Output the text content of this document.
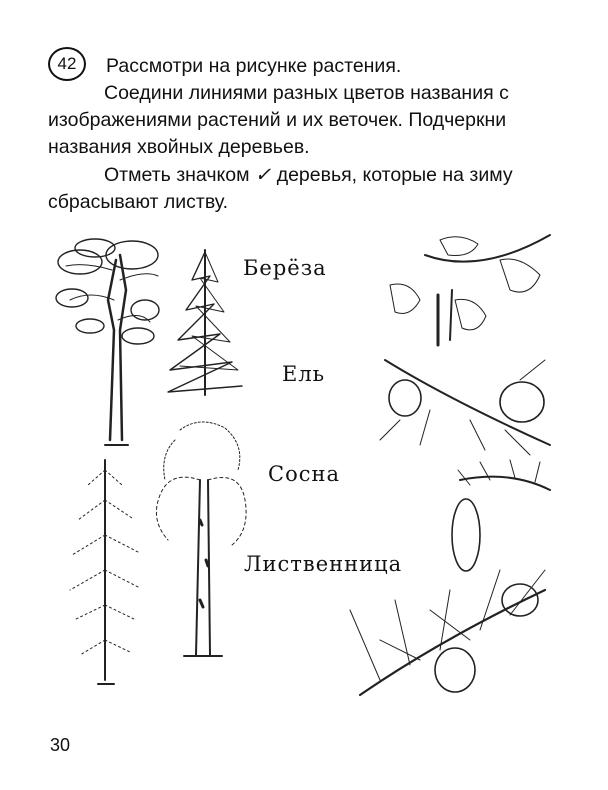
42	Рассмотри на рисунке растения.

Соедини линиями разных цветов названия с изображениями растений и их веточек. Подчеркни названия хвойных деревьев.

Отметь значком ✓ деревья, которые на зиму сбрасывают листву.

Берёза
Ель
Сосна
Лиственница
30
